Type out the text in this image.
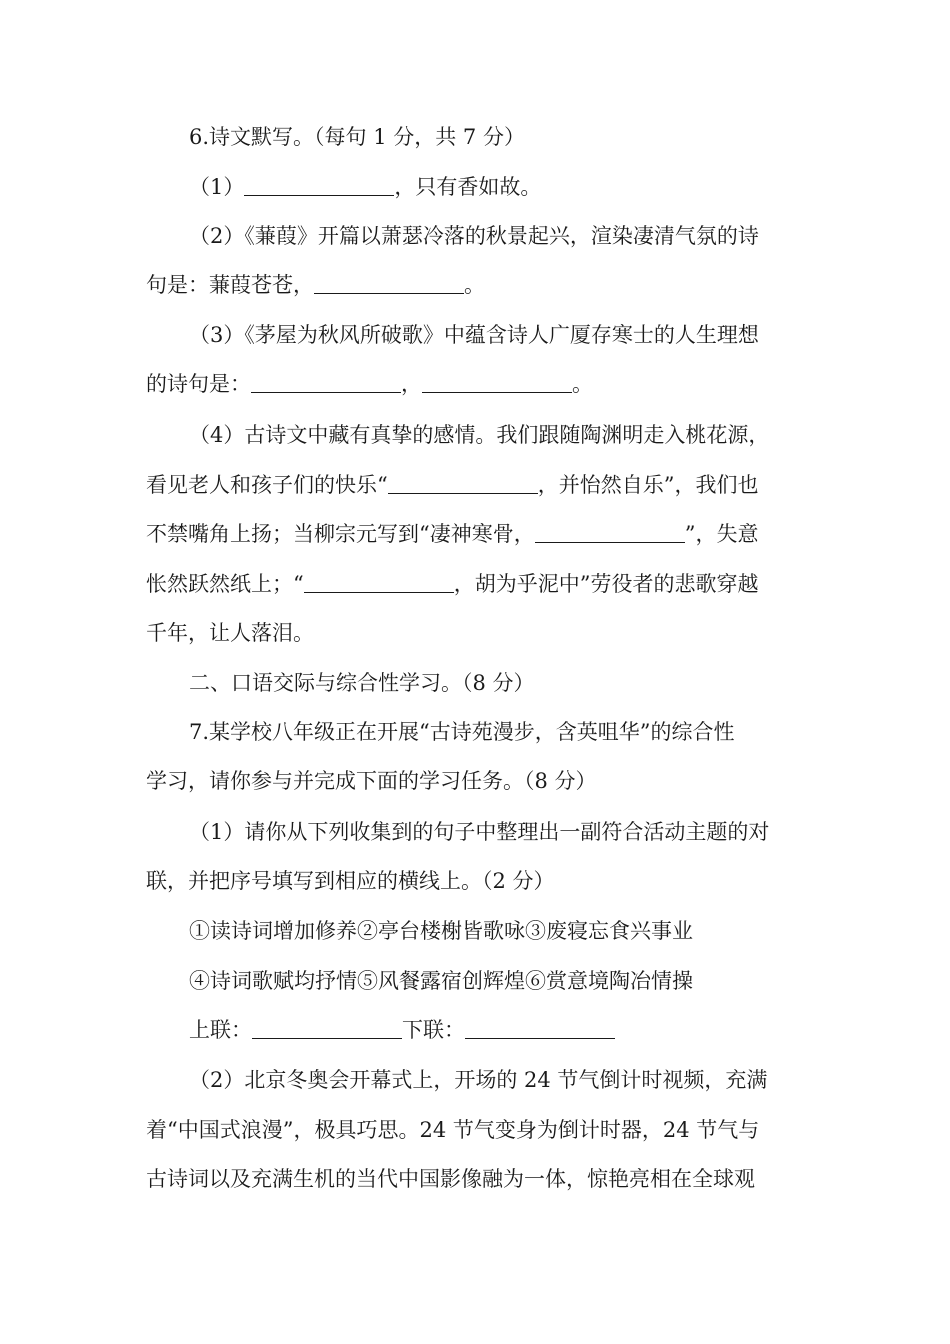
6.诗文默写。（每句 1 分，共 7 分）
（1）	，只有香如故。
（2）《蒹葭》开篇以萧瑟冷落的秋景起兴，渲染凄清气氛的诗
句是：蒹葭苍苍，	。
（3）《茅屋为秋风所破歌》中蕴含诗人广厦存寒士的人生理想
的诗句是：	，	。
（4）古诗文中藏有真挚的感情。我们跟随陶渊明走入桃花源，
看见老人和孩子们的快乐“	，并怡然自乐”，我们也
不禁嘴角上扬；当柳宗元写到“凄神寒骨，	”，失意
怅然跃然纸上；“	，胡为乎泥中”劳役者的悲歌穿越
千年，让人落泪。
二、口语交际与综合性学习。（8 分）
7.某学校八年级正在开展“古诗苑漫步，含英咀华”的综合性
学习，请你参与并完成下面的学习任务。（8 分）
（1）请你从下列收集到的句子中整理出一副符合活动主题的对
联，并把序号填写到相应的横线上。（2 分）
①读诗词增加修养②亭台楼榭皆歌咏③废寝忘食兴事业
④诗词歌赋均抒情⑤风餐露宿创辉煌⑥赏意境陶冶情操
上联：	下联：
（2）北京冬奥会开幕式上，开场的 24 节气倒计时视频，充满
着“中国式浪漫”，极具巧思。24 节气变身为倒计时器，24 节气与
古诗词以及充满生机的当代中国影像融为一体，惊艳亮相在全球观
